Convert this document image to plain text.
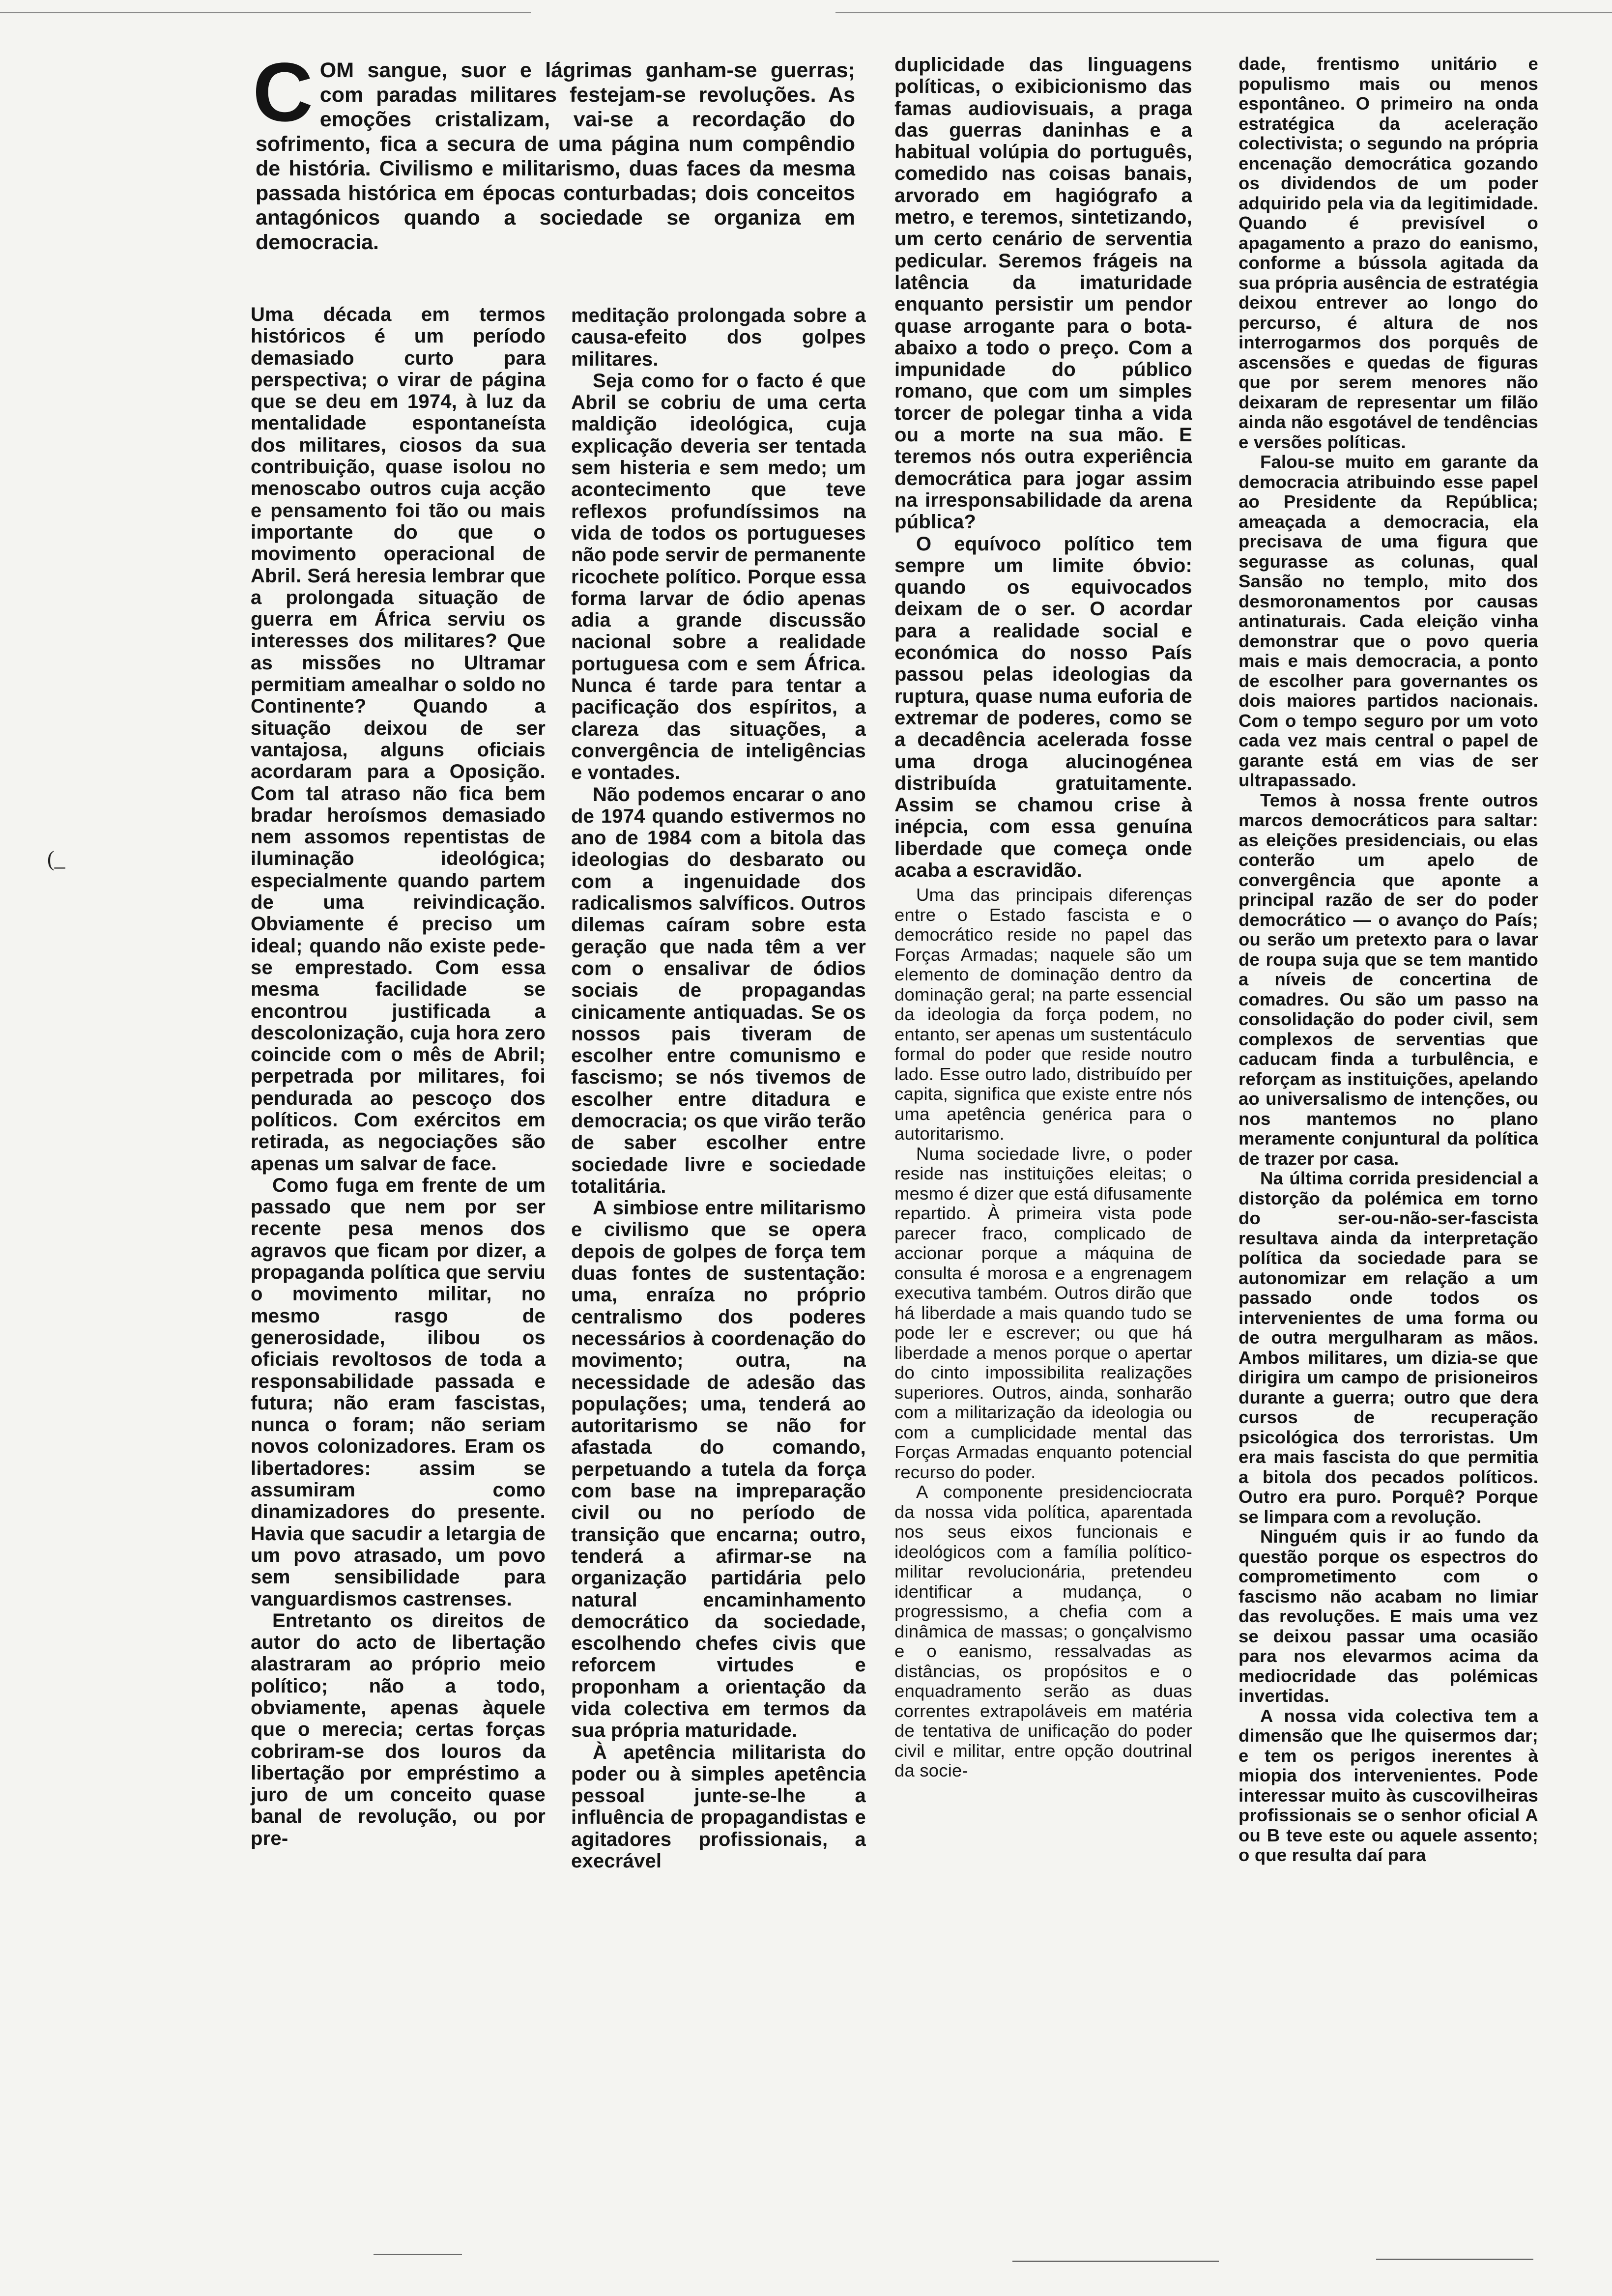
C OM sangue, suor e lágrimas ganham-se guerras; com paradas militares festejam-se revoluções. As emoções cristalizam, vai-se a recordação do sofrimento, fica a secura de uma página num compêndio de história. Civilismo e militarismo, duas faces da mesma passada histórica em épocas conturbadas; dois conceitos antagónicos quando a sociedade se organiza em democracia.
(_

Uma década em termos históricos é um período demasiado curto para perspectiva; o virar de página que se deu em 1974, à luz da mentalidade espontaneísta dos militares, ciosos da sua contribuição, quase isolou no menoscabo outros cuja acção e pensamento foi tão ou mais importante do que o movimento operacional de Abril. Será heresia lembrar que a prolongada situação de guerra em África serviu os interesses dos militares? Que as missões no Ultramar permitiam amealhar o soldo no Continente? Quando a situação deixou de ser vantajosa, alguns oficiais acordaram para a Oposição. Com tal atraso não fica bem bradar heroísmos demasiado nem assomos repentistas de iluminação ideológica; especialmente quando partem de uma reivindicação. Obviamente é preciso um ideal; quando não existe pede-se emprestado. Com essa mesma facilidade se encontrou justificada a descolonização, cuja hora zero coincide com o mês de Abril; perpetrada por militares, foi pendurada ao pescoço dos políticos. Com exércitos em retirada, as negociações são apenas um salvar de face.

Como fuga em frente de um passado que nem por ser recente pesa menos dos agravos que ficam por dizer, a propaganda política que serviu o movimento militar, no mesmo rasgo de generosidade, ilibou os oficiais revoltosos de toda a responsabilidade passada e futura; não eram fascistas, nunca o foram; não seriam novos colonizadores. Eram os libertadores: assim se assumiram como dinamizadores do presente. Havia que sacudir a letargia de um povo atrasado, um povo sem sensibilidade para vanguardismos castrenses.

Entretanto os direitos de autor do acto de libertação alastraram ao próprio meio político; não a todo, obviamente, apenas àquele que o merecia; certas forças cobriram-se dos louros da libertação por empréstimo a juro de um conceito quase banal de revolução, ou por pre-

meditação prolongada sobre a causa-efeito dos golpes militares.

Seja como for o facto é que Abril se cobriu de uma certa maldição ideológica, cuja explicação deveria ser tentada sem histeria e sem medo; um acontecimento que teve reflexos profundíssimos na vida de todos os portugueses não pode servir de permanente ricochete político. Porque essa forma larvar de ódio apenas adia a grande discussão nacional sobre a realidade portuguesa com e sem África. Nunca é tarde para tentar a pacificação dos espíritos, a clareza das situações, a convergência de inteligências e vontades.

Não podemos encarar o ano de 1974 quando estivermos no ano de 1984 com a bitola das ideologias do desbarato ou com a ingenuidade dos radicalismos salvíficos. Outros dilemas caíram sobre esta geração que nada têm a ver com o ensalivar de ódios sociais de propagandas cinicamente antiquadas. Se os nossos pais tiveram de escolher entre comunismo e fascismo; se nós tivemos de escolher entre ditadura e democracia; os que virão terão de saber escolher entre sociedade livre e sociedade totalitária.

A simbiose entre militarismo e civilismo que se opera depois de golpes de força tem duas fontes de sustentação: uma, enraíza no próprio centralismo dos poderes necessários à coordenação do movimento; outra, na necessidade de adesão das populações; uma, tenderá ao autoritarismo se não for afastada do comando, perpetuando a tutela da força com base na impreparação civil ou no período de transição que encarna; outro, tenderá a afirmar-se na organização partidária pelo natural encaminhamento democrático da sociedade, escolhendo chefes civis que reforcem virtudes e proponham a orientação da vida colectiva em termos da sua própria maturidade.

À apetência militarista do poder ou à simples apetência pessoal junte-se-lhe a influência de propagandistas e agitadores profissionais, a execrável

duplicidade das linguagens políticas, o exibicionismo das famas audiovisuais, a praga das guerras daninhas e a habitual volúpia do português, comedido nas coisas banais, arvorado em hagiógrafo a metro, e teremos, sintetizando, um certo cenário de serventia pedicular. Seremos frágeis na latência da imaturidade enquanto persistir um pendor quase arrogante para o bota-abaixo a todo o preço. Com a impunidade do público romano, que com um simples torcer de polegar tinha a vida ou a morte na sua mão. E teremos nós outra experiência democrática para jogar assim na irresponsabilidade da arena pública?

O equívoco político tem sempre um limite óbvio: quando os equivocados deixam de o ser. O acordar para a realidade social e económica do nosso País passou pelas ideologias da ruptura, quase numa euforia de extremar de poderes, como se a decadência acelerada fosse uma droga alucinogénea distribuída gratuitamente. Assim se chamou crise à inépcia, com essa genuína liberdade que começa onde acaba a escravidão.

Uma das principais diferenças entre o Estado fascista e o democrático reside no papel das Forças Armadas; naquele são um elemento de dominação dentro da dominação geral; na parte essencial da ideologia da força podem, no entanto, ser apenas um sustentáculo formal do poder que reside noutro lado. Esse outro lado, distribuído per capita, significa que existe entre nós uma apetência genérica para o autoritarismo.

Numa sociedade livre, o poder reside nas instituições eleitas; o mesmo é dizer que está difusamente repartido. À primeira vista pode parecer fraco, complicado de accionar porque a máquina de consulta é morosa e a engrenagem executiva também. Outros dirão que há liberdade a mais quando tudo se pode ler e escrever; ou que há liberdade a menos porque o apertar do cinto impossibilita realizações superiores. Outros, ainda, sonharão com a militarização da ideologia ou com a cumplicidade mental das Forças Armadas enquanto potencial recurso do poder.

A componente presidenciocrata da nossa vida política, aparentada nos seus eixos funcionais e ideológicos com a família político-militar revolucionária, pretendeu identificar a mudança, o progressismo, a chefia com a dinâmica de massas; o gonçalvismo e o eanismo, ressalvadas as distâncias, os propósitos e o enquadramento serão as duas correntes extrapoláveis em matéria de tentativa de unificação do poder civil e militar, entre opção doutrinal da socie-

dade, frentismo unitário e populismo mais ou menos espontâneo. O primeiro na onda estratégica da aceleração colectivista; o segundo na própria encenação democrática gozando os dividendos de um poder adquirido pela via da legitimidade. Quando é previsível o apagamento a prazo do eanismo, conforme a bússola agitada da sua própria ausência de estratégia deixou entrever ao longo do percurso, é altura de nos interrogarmos dos porquês de ascensões e quedas de figuras que por serem menores não deixaram de representar um filão ainda não esgotável de tendências e versões políticas.

Falou-se muito em garante da democracia atribuindo esse papel ao Presidente da República; ameaçada a democracia, ela precisava de uma figura que segurasse as colunas, qual Sansão no templo, mito dos desmoronamentos por causas antinaturais. Cada eleição vinha demonstrar que o povo queria mais e mais democracia, a ponto de escolher para governantes os dois maiores partidos nacionais. Com o tempo seguro por um voto cada vez mais central o papel de garante está em vias de ser ultrapassado.

Temos à nossa frente outros marcos democráticos para saltar: as eleições presidenciais, ou elas conterão um apelo de convergência que aponte a principal razão de ser do poder democrático — o avanço do País; ou serão um pretexto para o lavar de roupa suja que se tem mantido a níveis de concertina de comadres. Ou são um passo na consolidação do poder civil, sem complexos de serventias que caducam finda a turbulência, e reforçam as instituições, apelando ao universalismo de intenções, ou nos mantemos no plano meramente conjuntural da política de trazer por casa.

Na última corrida presidencial a distorção da polémica em torno do ser-ou-não-ser-fascista resultava ainda da interpretação política da sociedade para se autonomizar em relação a um passado onde todos os intervenientes de uma forma ou de outra mergulharam as mãos. Ambos militares, um dizia-se que dirigira um campo de prisioneiros durante a guerra; outro que dera cursos de recuperação psicológica dos terroristas. Um era mais fascista do que permitia a bitola dos pecados políticos. Outro era puro. Porquê? Porque se limpara com a revolução.

Ninguém quis ir ao fundo da questão porque os espectros do comprometimento com o fascismo não acabam no limiar das revoluções. E mais uma vez se deixou passar uma ocasião para nos elevarmos acima da mediocridade das polémicas invertidas.

A nossa vida colectiva tem a dimensão que lhe quisermos dar; e tem os perigos inerentes à miopia dos intervenientes. Pode interessar muito às cuscovilheiras profissionais se o senhor oficial A ou B teve este ou aquele assento; o que resulta daí para
